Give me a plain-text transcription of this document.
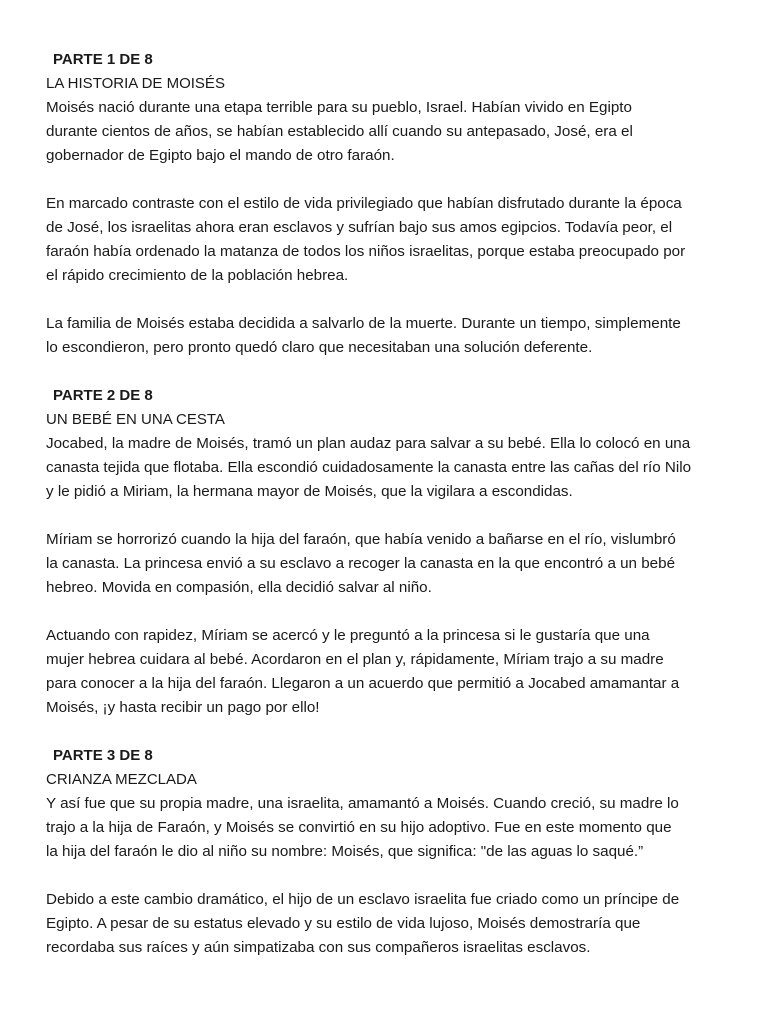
PARTE 1 DE 8
LA HISTORIA DE MOISÉS

Moisés nació durante una etapa terrible para su pueblo, Israel. Habían vivido en Egipto
durante cientos de años, se habían establecido allí cuando su antepasado, José, era el
gobernador de Egipto bajo el mando de otro faraón.

En marcado contraste con el estilo de vida privilegiado que habían disfrutado durante la época
de José, los israelitas ahora eran esclavos y sufrían bajo sus amos egipcios. Todavía peor, el
faraón había ordenado la matanza de todos los niños israelitas, porque estaba preocupado por
el rápido crecimiento de la población hebrea.

La familia de Moisés estaba decidida a salvarlo de la muerte. Durante un tiempo, simplemente
lo escondieron, pero pronto quedó claro que necesitaban una solución deferente.

PARTE 2 DE 8
UN BEBÉ EN UNA CESTA

Jocabed, la madre de Moisés, tramó un plan audaz para salvar a su bebé. Ella lo colocó en una
canasta tejida que flotaba. Ella escondió cuidadosamente la canasta entre las cañas del río Nilo
y le pidió a Miriam, la hermana mayor de Moisés, que la vigilara a escondidas.

Míriam se horrorizó cuando la hija del faraón, que había venido a bañarse en el río, vislumbró
la canasta. La princesa envió a su esclavo a recoger la canasta en la que encontró a un bebé
hebreo. Movida en compasión, ella decidió salvar al niño.

Actuando con rapidez, Míriam se acercó y le preguntó a la princesa si le gustaría que una
mujer hebrea cuidara al bebé. Acordaron en el plan y, rápidamente, Míriam trajo a su madre
para conocer a la hija del faraón. Llegaron a un acuerdo que permitió a Jocabed amamantar a
Moisés, ¡y hasta recibir un pago por ello!

PARTE 3 DE 8
CRIANZA MEZCLADA

Y así fue que su propia madre, una israelita, amamantó a Moisés. Cuando creció, su madre lo
trajo a la hija de Faraón, y Moisés se convirtió en su hijo adoptivo. Fue en este momento que
la hija del faraón le dio al niño su nombre: Moisés, que significa: "de las aguas lo saqué.”

Debido a este cambio dramático, el hijo de un esclavo israelita fue criado como un príncipe de
Egipto. A pesar de su estatus elevado y su estilo de vida lujoso, Moisés demostraría que
recordaba sus raíces y aún simpatizaba con sus compañeros israelitas esclavos.
